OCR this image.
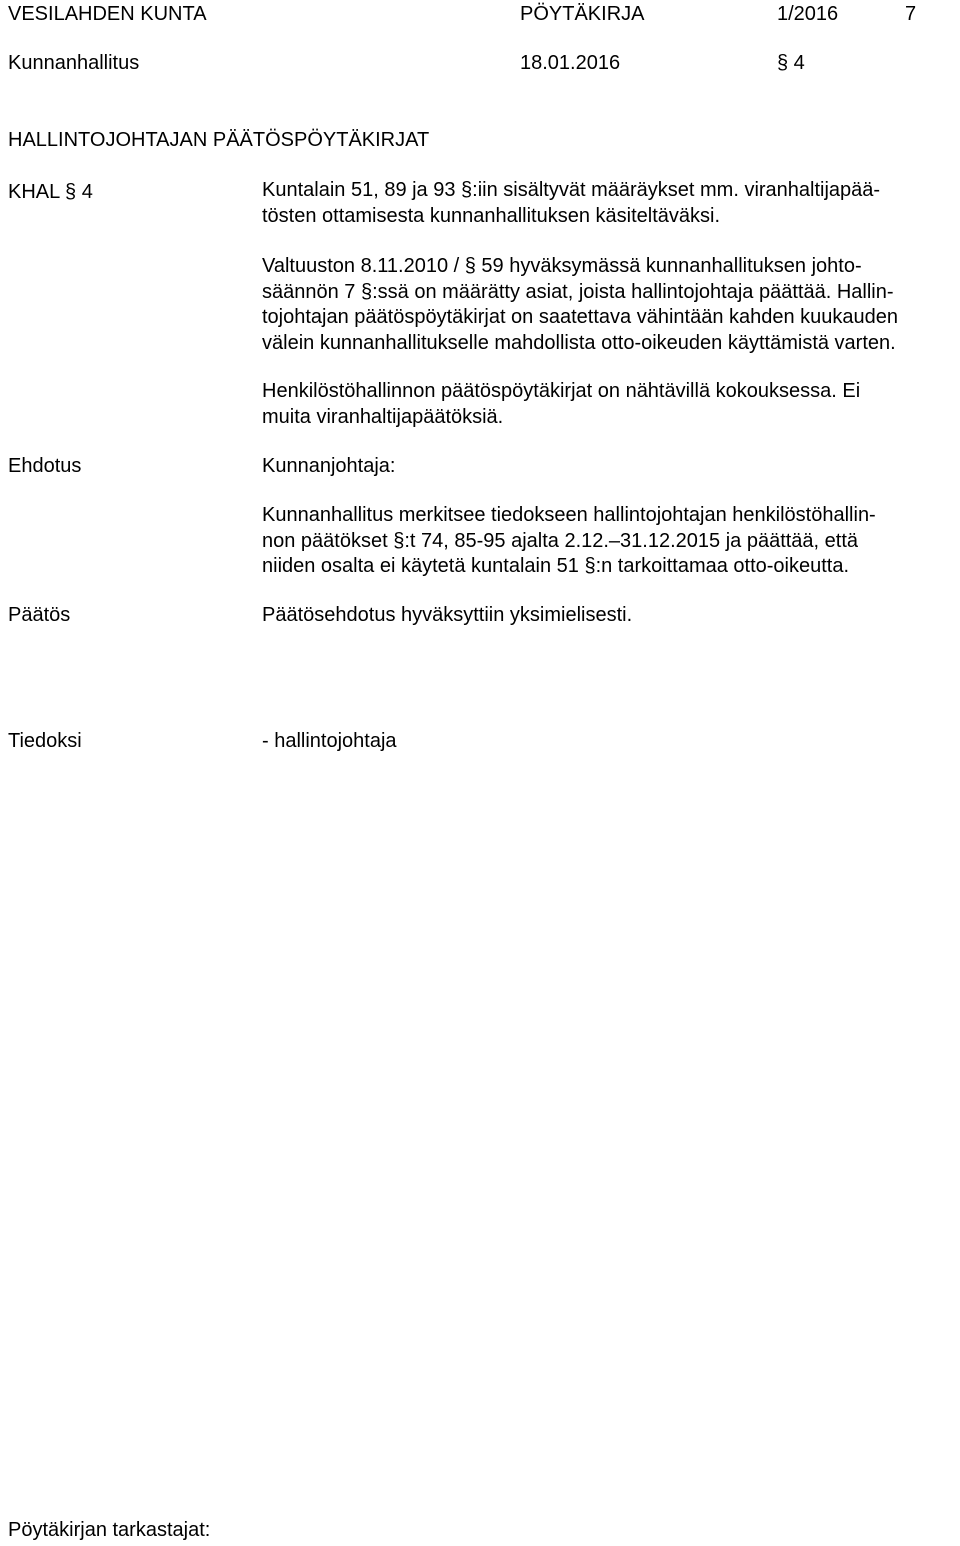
VESILAHDEN KUNTA	PÖYTÄKIRJA	1/2016	7
Kunnanhallitus	18.01.2016	§ 4
HALLINTOJOHTAJAN PÄÄTÖSPÖYTÄKIRJAT
KHAL § 4	Kuntalain 51, 89 ja 93 §:iin sisältyvät määräykset mm. viranhaltijapää-
tösten ottamisesta kunnanhallituksen käsiteltäväksi.
Valtuuston 8.11.2010 / § 59 hyväksymässä kunnanhallituksen johto-
säännön 7 §:ssä on määrätty asiat, joista hallintojohtaja päättää. Hallin-
tojohtajan päätöspöytäkirjat on saatettava vähintään kahden kuukauden
välein kunnanhallitukselle mahdollista otto-oikeuden käyttämistä varten.
Henkilöstöhallinnon päätöspöytäkirjat on nähtävillä kokouksessa. Ei
muita viranhaltijapäätöksiä.
Ehdotus	Kunnanjohtaja:
Kunnanhallitus merkitsee tiedokseen hallintojohtajan henkilöstöhallin-
non päätökset §:t 74, 85-95 ajalta 2.12.–31.12.2015 ja päättää, että
niiden osalta ei käytetä kuntalain 51 §:n tarkoittamaa otto-oikeutta.
Päätös	Päätösehdotus hyväksyttiin yksimielisesti.
Tiedoksi	- hallintojohtaja
Pöytäkirjan tarkastajat:
